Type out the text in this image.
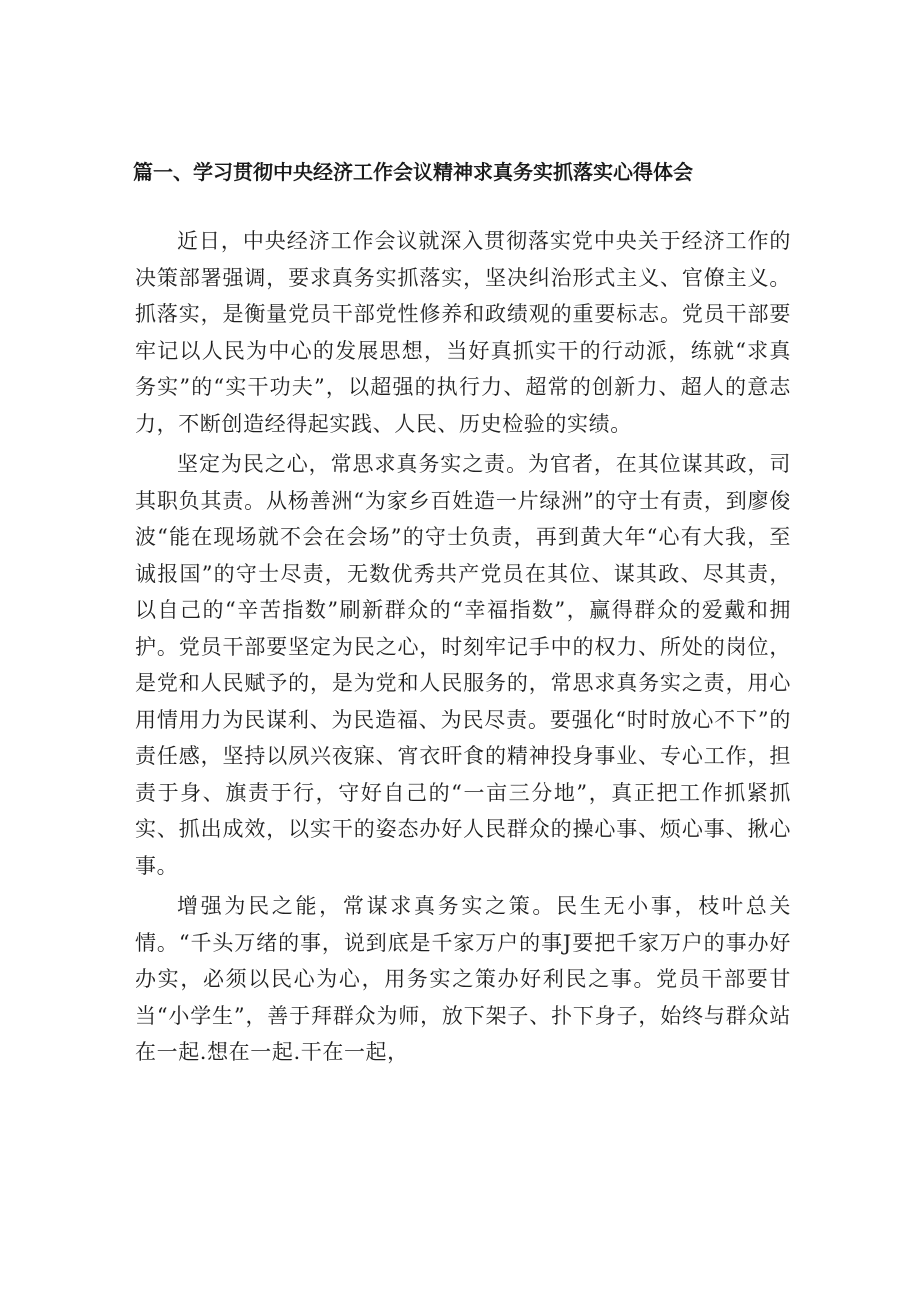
篇一、学习贯彻中央经济工作会议精神求真务实抓落实心得体会

近日，中央经济工作会议就深入贯彻落实党中央关于经济工作的决策部署强调，要求真务实抓落实，坚决纠治形式主义、官僚主义。抓落实，是衡量党员干部党性修养和政绩观的重要标志。党员干部要牢记以人民为中心的发展思想，当好真抓实干的行动派，练就“求真务实”的“实干功夫”，以超强的执行力、超常的创新力、超人的意志力，不断创造经得起实践、人民、历史检验的实绩。

坚定为民之心，常思求真务实之责。为官者，在其位谋其政，司其职负其责。从杨善洲“为家乡百姓造一片绿洲”的守士有责，到廖俊波“能在现场就不会在会场”的守士负责，再到黄大年“心有大我，至诚报国”的守士尽责，无数优秀共产党员在其位、谋其政、尽其责，以自己的“辛苦指数”刷新群众的“幸福指数”，赢得群众的爱戴和拥护。党员干部要坚定为民之心，时刻牢记手中的权力、所处的岗位，是党和人民赋予的，是为党和人民服务的，常思求真务实之责，用心用情用力为民谋利、为民造福、为民尽责。要强化“时时放心不下”的责任感，坚持以夙兴夜寐、宵衣旰食的精神投身事业、专心工作，担责于身、旗责于行，守好自己的“一亩三分地”，真正把工作抓紧抓实、抓出成效，以实干的姿态办好人民群众的操心事、烦心事、揪心事。

增强为民之能，常谋求真务实之策。民生无小事，枝叶总关情。“千头万绪的事，说到底是千家万户的事J要把千家万户的事办好办实，必须以民心为心，用务实之策办好利民之事。党员干部要甘当“小学生”，善于拜群众为师，放下架子、扑下身子，始终与群众站在一起.想在一起.干在一起，
